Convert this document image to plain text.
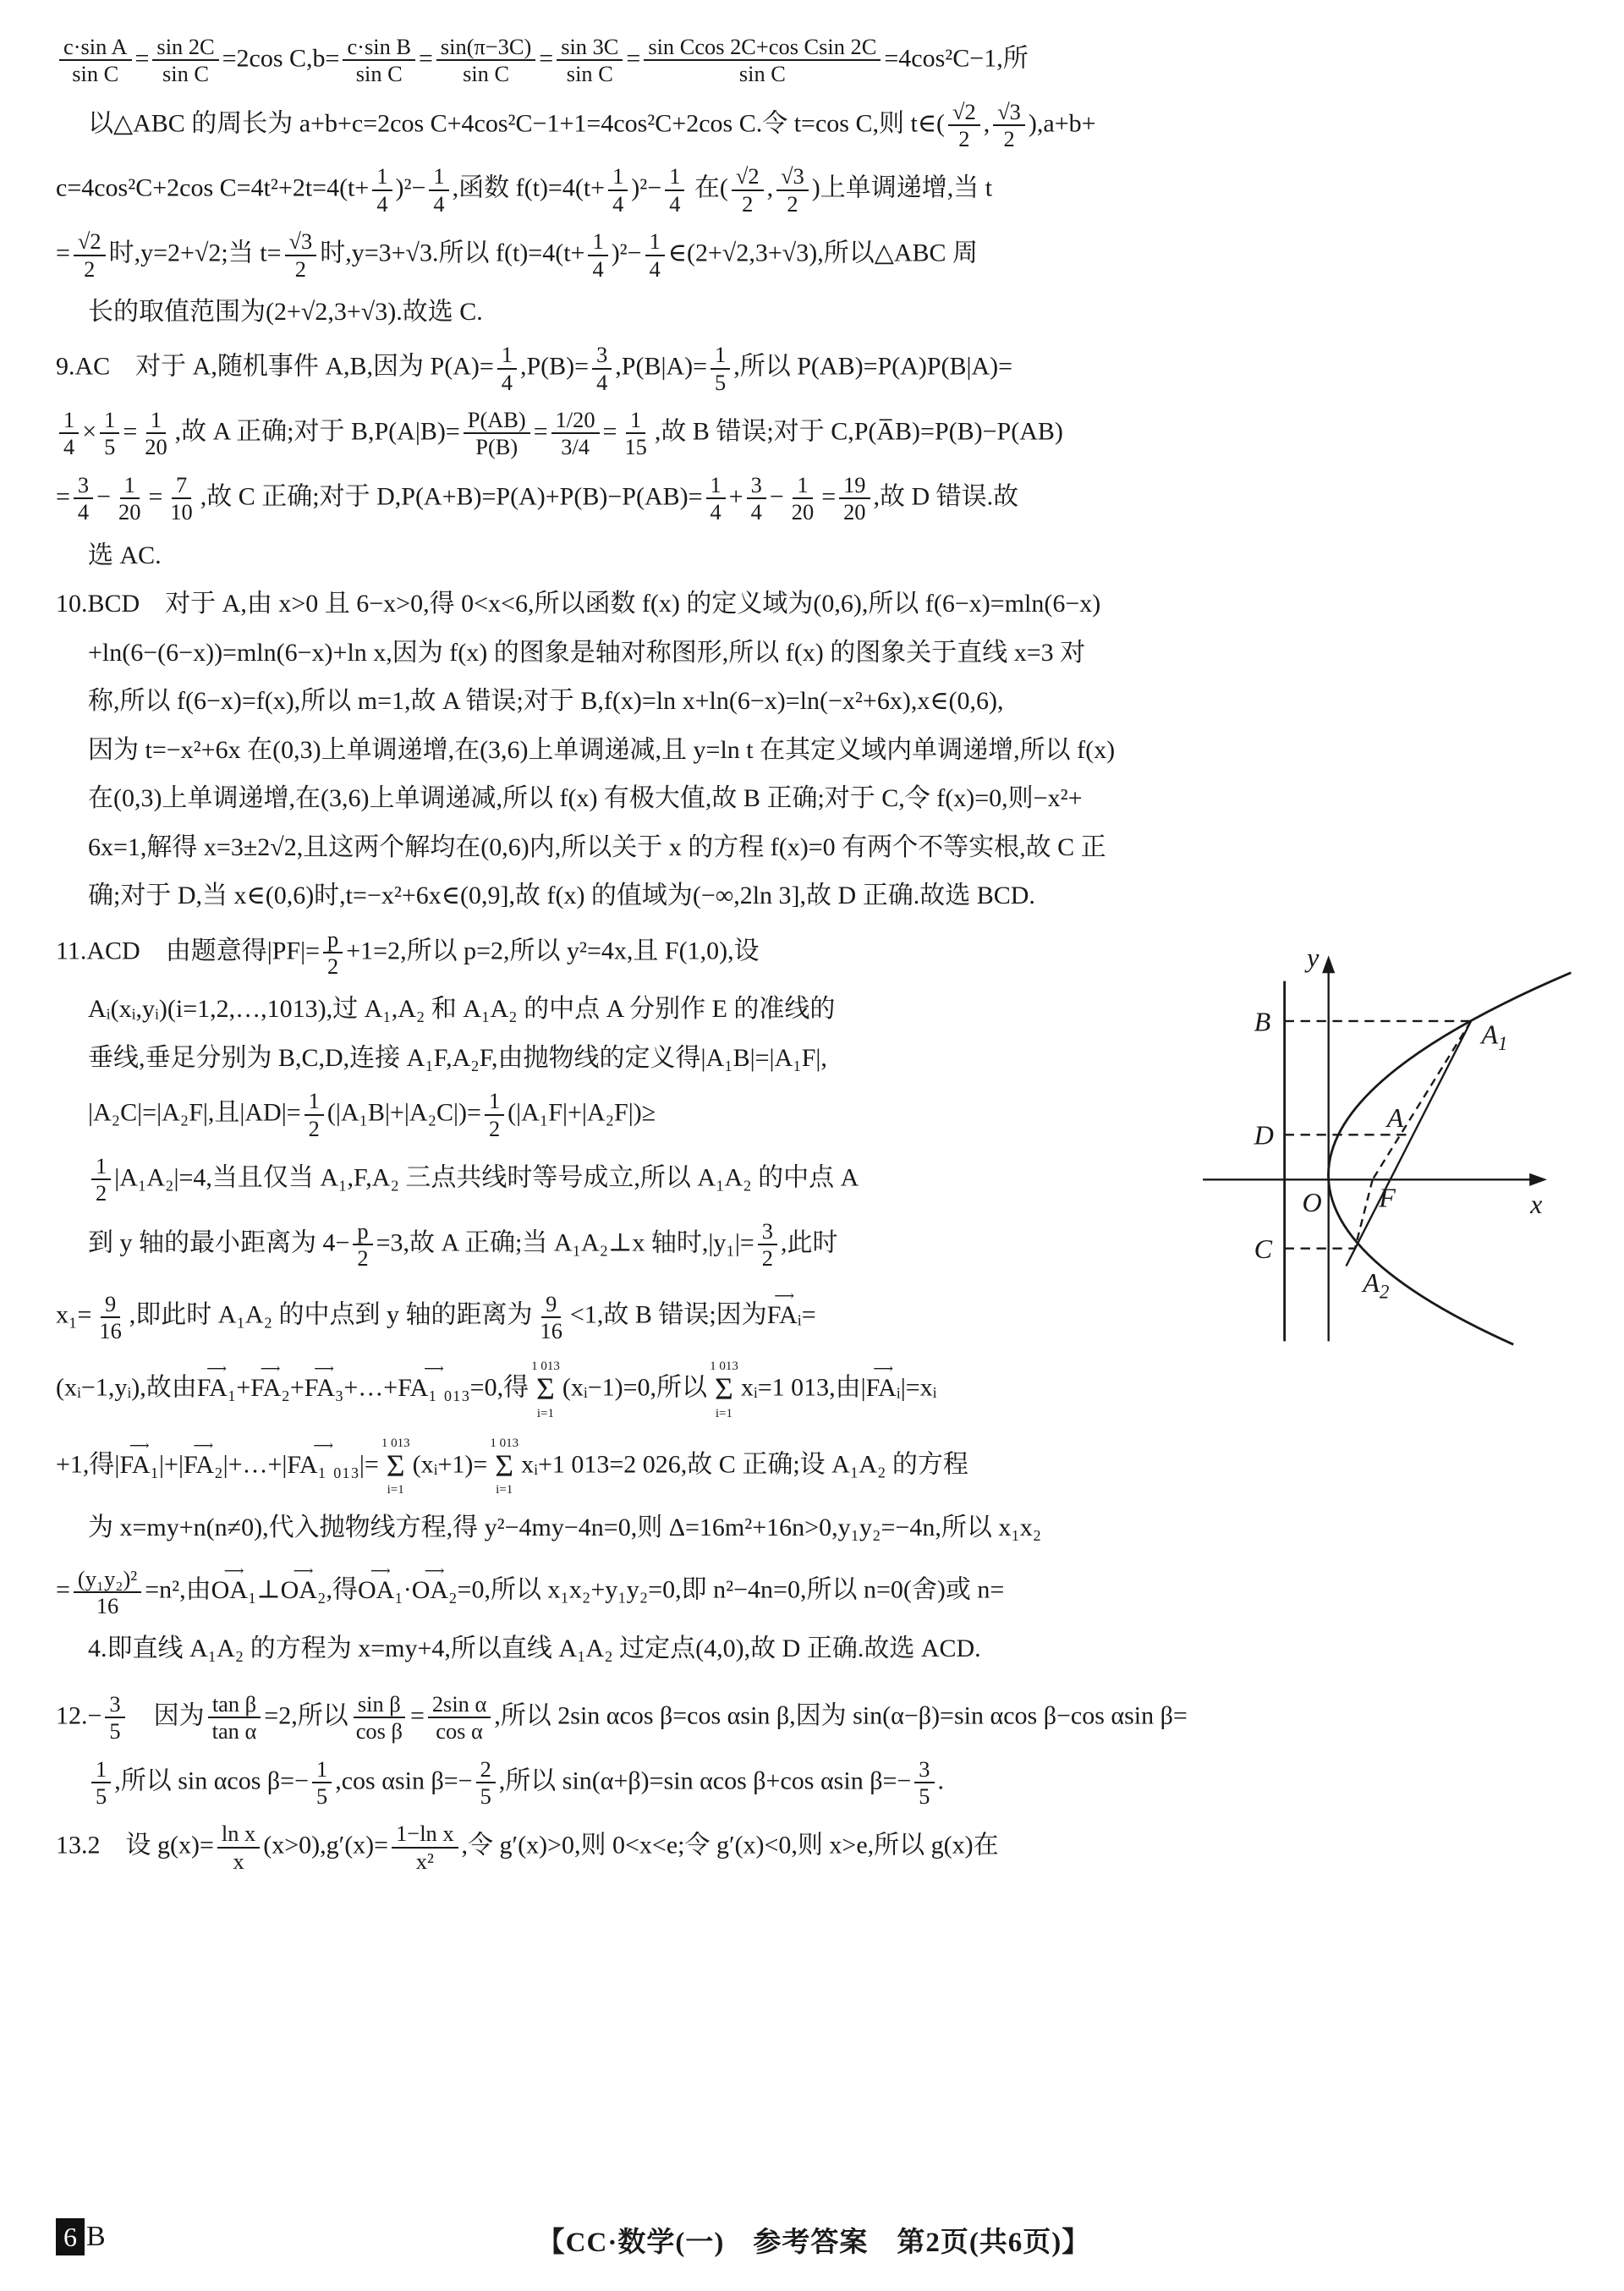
$\frac{\text{c·sin A}}{\text{sin C}} = \frac{\sin 2C}{\text{sin C}} =2\cos$ $C,b= \frac{\text{c·sin B}}{\text{sin C}} = \frac{\sin(\pi-3C)}{\text{sin C}} = \frac{\sin 3C}{\text{sin C}} = \frac{\text{sin Ccos 2C+cos Csin 2C}}{\text{sin C}} =4\cos^2C-1$,所
以△ABC 的周长为 a+b+c=2cos C+4cos²C−1+1=4cos²C+2cos C.令 t=cos C,则 t∈( $\frac{√2}{2}$ , $\frac{√3}{2} ),a+b+$
c=4cos²C+2cos $C=4t^2+2t=4(t+ \frac{1}{4} )^2- \frac{1}{4}$ ,函数 $f(t)=4(t+ \frac{1}{4} )^2- \frac{1}{4}$ 在( $\frac{√2}{2}$ , $\frac{√3}{2}$ )上单调递增,当 t
= $\frac{√2}{2}$ 时,y=2+√2;当 $t= \frac{√3}{2}$ 时,y=3+√3.所以 $f(t)=4(t+ \frac{1}{4} )^2- \frac{1}{4}$ ∈(2+√2,3+√3),所以△ABC 周
长的取值范围为(2+√2,3+√3).故选 C.
9.AC　对于 A,随机事件 A,B,因为 $P(A)= \frac{1}{4} ,P(B)= \frac{3}{4} ,P(B|A)= \frac{1}{5}$ ,所以 P(AB)=P(A)P(B|A)=
$\frac{1}{4} \times \frac{1}{5} = \frac{1}{20}$ ,故 A 正确;对于 $B,P(A|B)= \frac{P(AB)}{P(B)} = \frac{1/20}{3/4} = \frac{1}{15}$ ,故 B 错误;对于 C,P(A̅B)=P(B)−P(AB)
= $\frac{3}{4} - \frac{1}{20} = \frac{7}{10}$ ,故 C 正确;对于 $D,P(A+B)=P(A)+P(B)-P(AB)= \frac{1}{4} + \frac{3}{4} - \frac{1}{20} = \frac{19}{20}$ ,故 D 错误.故
选 AC.
10.BCD　对于 A,由 x>0 且 6−x>0,得 0<x<6,所以函数 f(x) 的定义域为(0,6),所以 f(6−x)=mln(6−x)
+ln(6−(6−x))=mln(6−x)+ln x,因为 f(x) 的图象是轴对称图形,所以 f(x) 的图象关于直线 x=3 对
称,所以 f(6−x)=f(x),所以 m=1,故 A 错误;对于 B,f(x)=ln x+ln(6−x)=ln(−x²+6x),x∈(0,6),
因为 t=−x²+6x 在(0,3)上单调递增,在(3,6)上单调递减,且 y=ln t 在其定义域内单调递增,所以 f(x)
在(0,3)上单调递增,在(3,6)上单调递减,所以 f(x) 有极大值,故 B 正确;对于 C,令 f(x)=0,则−x²+
6x=1,解得 x=3±2√2,且这两个解均在(0,6)内,所以关于 x 的方程 f(x)=0 有两个不等实根,故 C 正
确;对于 D,当 x∈(0,6)时,t=−x²+6x∈(0,9],故 f(x) 的值域为(−∞,2ln 3],故 D 正确.故选 BCD.
y
x
O F
A
$A_1$
$A_2$
B
D
C
11.ACD　由题意得$|PF|= \frac{p}{2} +1=2$,所以 p=2,所以 y²=4x,且 F(1,0),设
Aᵢ(xᵢ,yᵢ)(i=1,2,…,1013),过 A₁,A₂ 和 A₁A₂ 的中点 A 分别作 E 的准线的
垂线,垂足分别为 B,C,D,连接 A₁F,A₂F,由抛物线的定义得|A₁B|=|A₁F|,
|A₂C|=|A₂F|,且$|AD|= \frac{1}{2} (|A_1B|+|A_2C|)= \frac{1}{2} (|A_1F|+|A_2F|)\ge$
$\frac{1}{2} |A_1A_2|=4$,当且仅当 A₁,F,A₂ 三点共线时等号成立,所以 A₁A₂ 的中点 A
到 y 轴的最小距离为 $4- \frac{p}{2} =3$,故 A 正确;当 A₁A₂⊥x 轴时$,|y_1|= \frac{3}{2}$ ,此时
$x_1= \frac{9}{16}$ ,即此时 A₁A₂ 的中点到 y 轴的距离为 $\frac{9}{16} <1$,故 B 错误;因为⟶ FAᵢ=
(xᵢ−1,yᵢ),故由⟶ FA₁+⟶ FA₂+⟶ FA₃+…+⟶ FA₁ ₀₁₃=0,得
1 013
Σ
i=1
(xᵢ−1)=0,所以
1 013
Σ
i=1
xᵢ=1 013,由|⟶ FAᵢ|=xᵢ
+1,得|⟶ FA₁|+|⟶ FA₂|+…+|⟶ FA₁ ₀₁₃|=
1 013
Σ
i=1
(xᵢ+1)=
1 013
Σ
i=1
xᵢ+1 013=2 026,故 C 正确;设 A₁A₂ 的方程
为 x=my+n(n≠0),代入抛物线方程,得 y²−4my−4n=0,则 Δ=16m²+16n>0,y₁y₂=−4n,所以 x₁x₂
= $\frac{\text{(y₁y₂)²}}{16} =n^2$,由⟶ OA₁⊥⟶ OA₂,得⟶ OA₁·⟶ OA₂=0,所以 x₁x₂+y₁y₂=0,即 n²−4n=0,所以 n=0(舍)或 n=
4.即直线 A₁A₂ 的方程为 x=my+4,所以直线 A₁A₂ 过定点(4,0),故 D 正确.故选 ACD.
$12.- \frac{3}{5}$ 　因为 $\frac{\text{tan β}}{\text{tan α}} =2$,所以 $\frac{\text{sin β}}{\text{cos β}} = \frac{\text{2sin α}}{\text{cos α}}$ ,所以 2sin αcos β=cos αsin β,因为 sin(α−β)=sin αcos β−cos αsin β=
$\frac{1}{5}$ ,所以 sin αcos $\beta=- \frac{1}{5} ,\cos$ αsin $\beta=- \frac{2}{5}$ ,所以 sin(α+β)=sin αcos β+cos αsin $\beta=- \frac{3}{5}$ .
13.2　设 $g(x)= \frac{\text{ln x}}{x} (x>0),g'(x)= \frac{\text{1−ln x}}{\text{x²}}$ ,令 g′(x)>0,则 0<x<e;令 g′(x)<0,则 x>e,所以 g(x)在
6 B	【CC·数学(一)　参考答案　第2页(共6页)】
